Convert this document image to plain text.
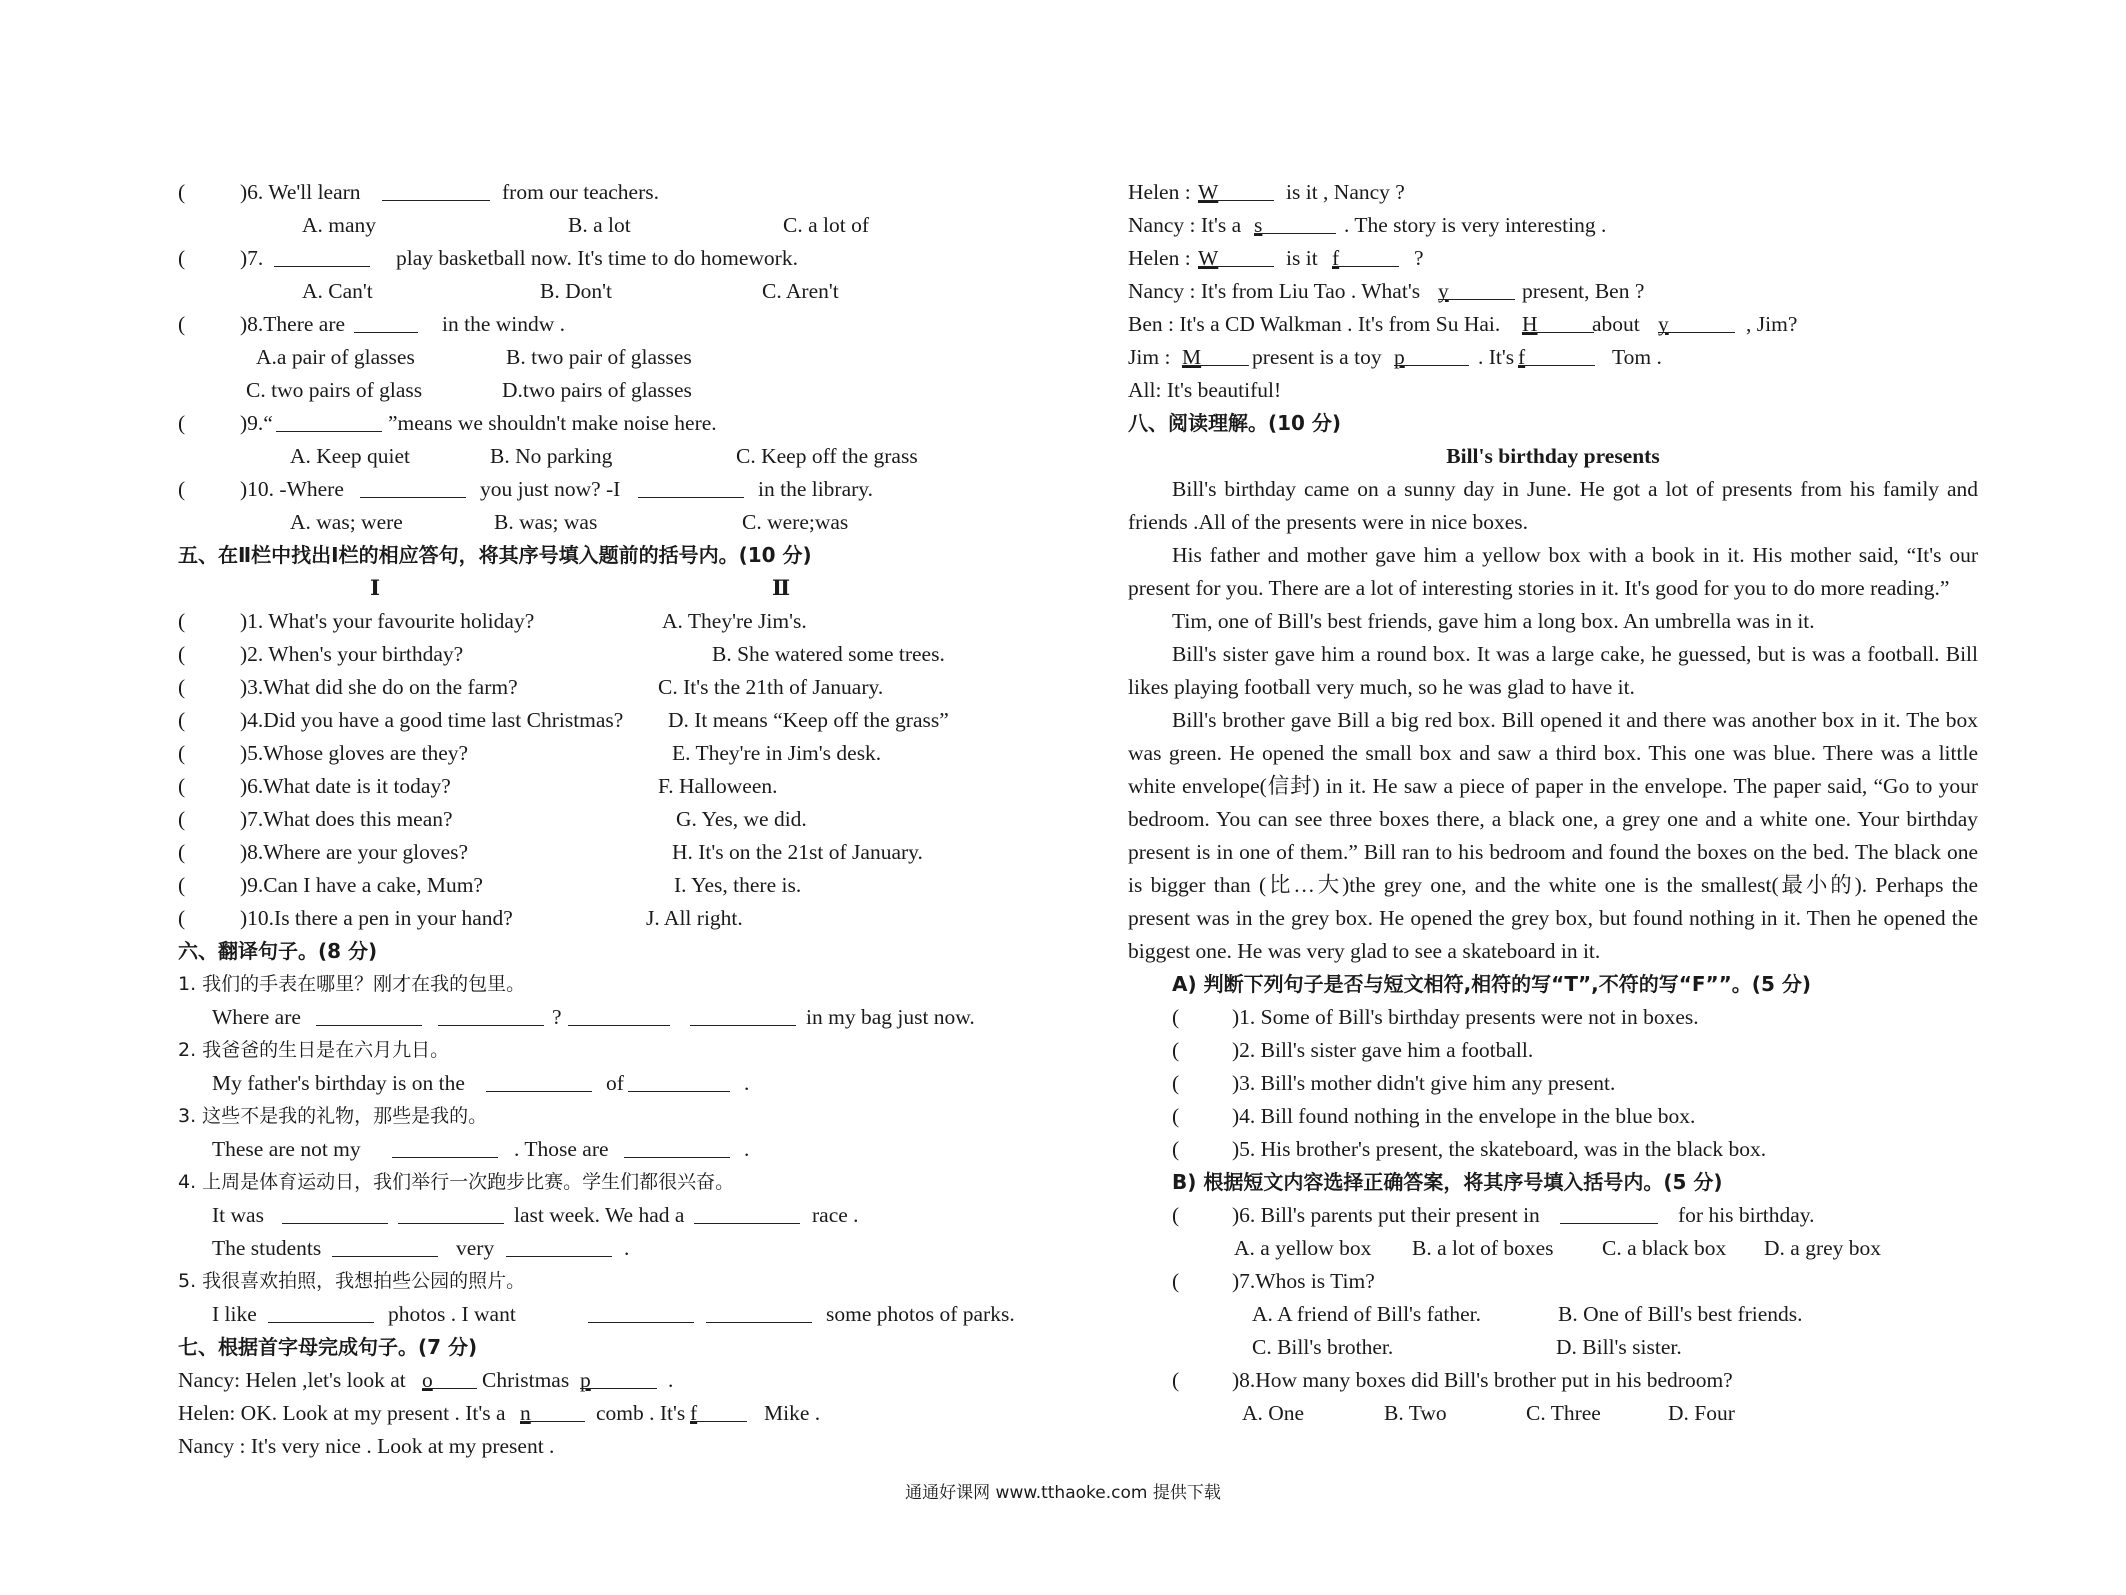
(	)6. We'll learn	from our teachers.
A. many	B. a lot	C. a lot of
(	)7.	play basketball now. It's time to do homework.
A. Can't	B. Don't	C. Aren't
(	)8.There are	in the windw .
A.a pair of glasses	B. two pair of glasses
C. two pairs of glass	D.two pairs of glasses
(	)9.“	”means we shouldn't make noise here.
A. Keep quiet	B. No parking	C. Keep off the grass
(	)10. -Where	you just now? -I	in the library.
A. was; were	B. was; was	C. were;was
五、在Ⅱ栏中找出Ⅰ栏的相应答句，将其序号填入题前的括号内。(10 分)
Ⅰ	Ⅱ
(	)1. What's your favourite holiday?	A. They're Jim's.
(	)2. When's your birthday?	B. She watered some trees.
(	)3.What did she do on the farm?	C. It's the 21th of January.
(	)4.Did you have a good time last Christmas? D. It means “Keep off the grass”
(	)5.Whose gloves are they?	E. They're in Jim's desk.
(	)6.What date is it today?	F. Halloween.
(	)7.What does this mean?	G. Yes, we did.
(	)8.Where are your gloves?	H. It's on the 21st of January.
(	)9.Can I have a cake, Mum?	I. Yes, there is.
(	)10.Is there a pen in your hand?	J. All right.
六、翻译句子。(8 分)
1. 我们的手表在哪里？刚才在我的包里。
Where are	?	in my bag just now.
2. 我爸爸的生日是在六月九日。
My father's birthday is on the	of	.
3. 这些不是我的礼物，那些是我的。
These are not my	. Those are	.
4. 上周是体育运动日，我们举行一次跑步比赛。学生们都很兴奋。
It was	last week. We had a	race .
The students	very	.
5. 我很喜欢拍照，我想拍些公园的照片。
I like	photos . I want	some photos of parks.
七、根据首字母完成句子。(7 分)
Nancy: Helen ,let's look at o	Christmas p	.
Helen: OK. Look at my present . It's a n	comb . It's f	Mike .
Nancy : It's very nice . Look at my present .
Helen : W	is it , Nancy ?
Nancy : It's a s	. The story is very interesting .
Helen : W	is it f	?
Nancy : It's from Liu Tao . What's y	present, Ben ?
Ben : It's a CD Walkman . It's from Su Hai. H	about y	, Jim?
Jim : M	present is a toy p	. It's f	Tom .
All: It's beautiful!
八、阅读理解。(10 分)
Bill's birthday presents

Bill's birthday came on a sunny day in June. He got a lot of presents from his family and friends .All of the presents were in nice boxes.

His father and mother gave him a yellow box with a book in it. His mother said, “It's our present for you. There are a lot of interesting stories in it. It's good for you to do more reading.”

Tim, one of Bill's best friends, gave him a long box. An umbrella was in it.

Bill's sister gave him a round box. It was a large cake, he guessed, but is was a football. Bill likes playing football very much, so he was glad to have it.

Bill's brother gave Bill a big red box. Bill opened it and there was another box in it. The box was green. He opened the small box and saw a third box. This one was blue. There was a little white envelope(信封) in it. He saw a piece of paper in the envelope. The paper said, “Go to your bedroom. You can see three boxes there, a black one, a grey one and a white one. Your birthday present is in one of them.” Bill ran to his bedroom and found the boxes on the bed. The black one is bigger than (比…大)the grey one, and the white one is the smallest(最小的). Perhaps the present was in the grey box. He opened the grey box, but found nothing in it. Then he opened the biggest one. He was very glad to see a skateboard in it.

A) 判断下列句子是否与短文相符,相符的写“T”,不符的写“F””。(5 分)
( )1. Some of Bill's birthday presents were not in boxes.
( )2. Bill's sister gave him a football.
( )3. Bill's mother didn't give him any present.
( )4. Bill found nothing in the envelope in the blue box.
( )5. His brother's present, the skateboard, was in the black box.
B) 根据短文内容选择正确答案，将其序号填入括号内。(5 分)
( )6. Bill's parents put their present in	for his birthday.
A. a yellow box B. a lot of boxes C. a black box D. a grey box
( )7.Whos is Tim?
A. A friend of Bill's father.	B. One of Bill's best friends.
C. Bill's brother.	D. Bill's sister.
( )8.How many boxes did Bill's brother put in his bedroom?
A. One	B. Two	C. Three	D. Four
通通好课网 www.tthaoke.com 提供下载
